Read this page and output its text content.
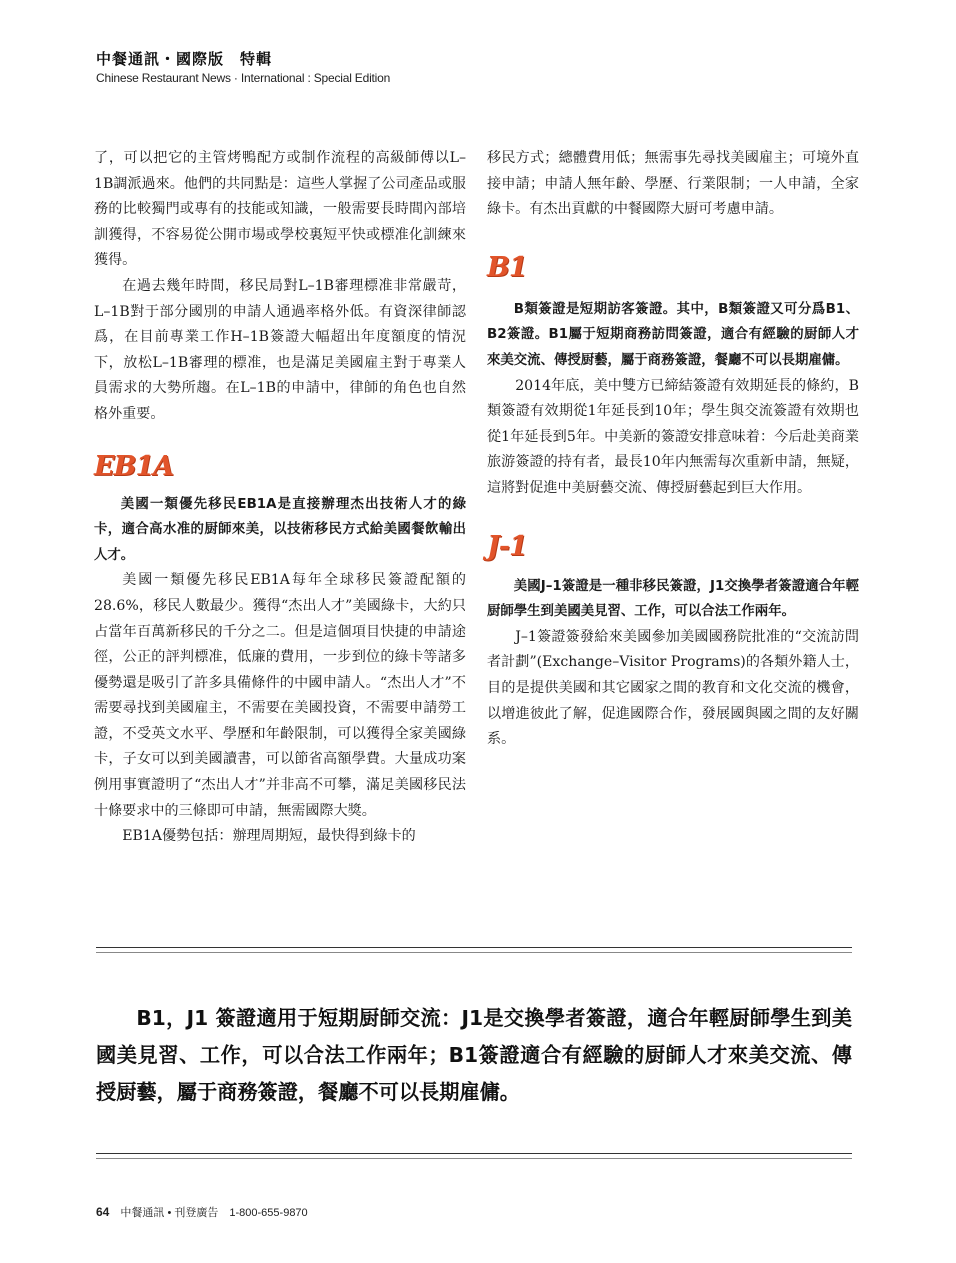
中餐通訊・國際版　特輯
Chinese Restaurant News · International : Special Edition

了，可以把它的主管烤鴨配方或制作流程的高級師傅以L–1B調派過來。他們的共同點是：這些人掌握了公司產品或服務的比較獨門或專有的技能或知識，一般需要長時間內部培訓獲得，不容易從公開市場或學校裏短平快或標准化訓練來獲得。

在過去幾年時間，移民局對L–1B審理標准非常嚴苛，L–1B對于部分國別的申請人通過率格外低。有資深律師認爲，在目前專業工作H–1B簽證大幅超出年度額度的情況下，放松L–1B審理的標准，也是滿足美國雇主對于專業人員需求的大勢所趨。在L–1B的申請中，律師的角色也自然格外重要。

EB1A

美國一類優先移民EB1A是直接辦理杰出技術人才的綠卡，適合高水准的厨師來美，以技術移民方式給美國餐飲輸出人才。

美國一類優先移民EB1A每年全球移民簽證配額的28.6%，移民人數最少。獲得“杰出人才”美國綠卡，大約只占當年百萬新移民的千分之二。但是這個項目快捷的申請途徑，公正的評判標准，低廉的費用，一步到位的綠卡等諸多優勢還是吸引了許多具備條件的中國申請人。“杰出人才”不需要尋找到美國雇主，不需要在美國投資，不需要申請勞工證，不受英文水平、學歷和年齡限制，可以獲得全家美國綠卡，子女可以到美國讀書，可以節省高額學費。大量成功案例用事實證明了“杰出人才”并非高不可攀，滿足美國移民法十條要求中的三條即可申請，無需國際大獎。

EB1A優勢包括：辦理周期短，最快得到綠卡的

移民方式；總體費用低；無需事先尋找美國雇主；可境外直接申請；申請人無年齡、學歷、行業限制；一人申請，全家綠卡。有杰出貢獻的中餐國際大厨可考慮申請。

B1

B類簽證是短期訪客簽證。其中，B類簽證又可分爲B1、B2簽證。B1屬于短期商務訪問簽證，適合有經驗的厨師人才來美交流、傳授厨藝，屬于商務簽證，餐廳不可以長期雇傭。

2014年底，美中雙方已締結簽證有效期延長的條約，B類簽證有效期從1年延長到10年；學生與交流簽證有效期也從1年延長到5年。中美新的簽證安排意味着：今后赴美商業旅游簽證的持有者，最長10年内無需每次重新申請，無疑，這將對促進中美厨藝交流、傳授厨藝起到巨大作用。

J-1

美國J–1簽證是一種非移民簽證，J1交換學者簽證適合年輕厨師學生到美國美見習、工作，可以合法工作兩年。

J–1簽證簽發給來美國參加美國國務院批准的“交流訪問者計劃”(Exchange–Visitor Programs)的各類外籍人士，目的是提供美國和其它國家之間的教育和文化交流的機會，以增進彼此了解，促進國際合作，發展國與國之間的友好關系。

B1，J1 簽證適用于短期厨師交流：J1是交換學者簽證，適合年輕厨師學生到美國美見習、工作，可以合法工作兩年；B1簽證適合有經驗的厨師人才來美交流、傳授厨藝，屬于商務簽證，餐廳不可以長期雇傭。
64 中餐通訊 • 刊登廣告　1-800-655-9870
